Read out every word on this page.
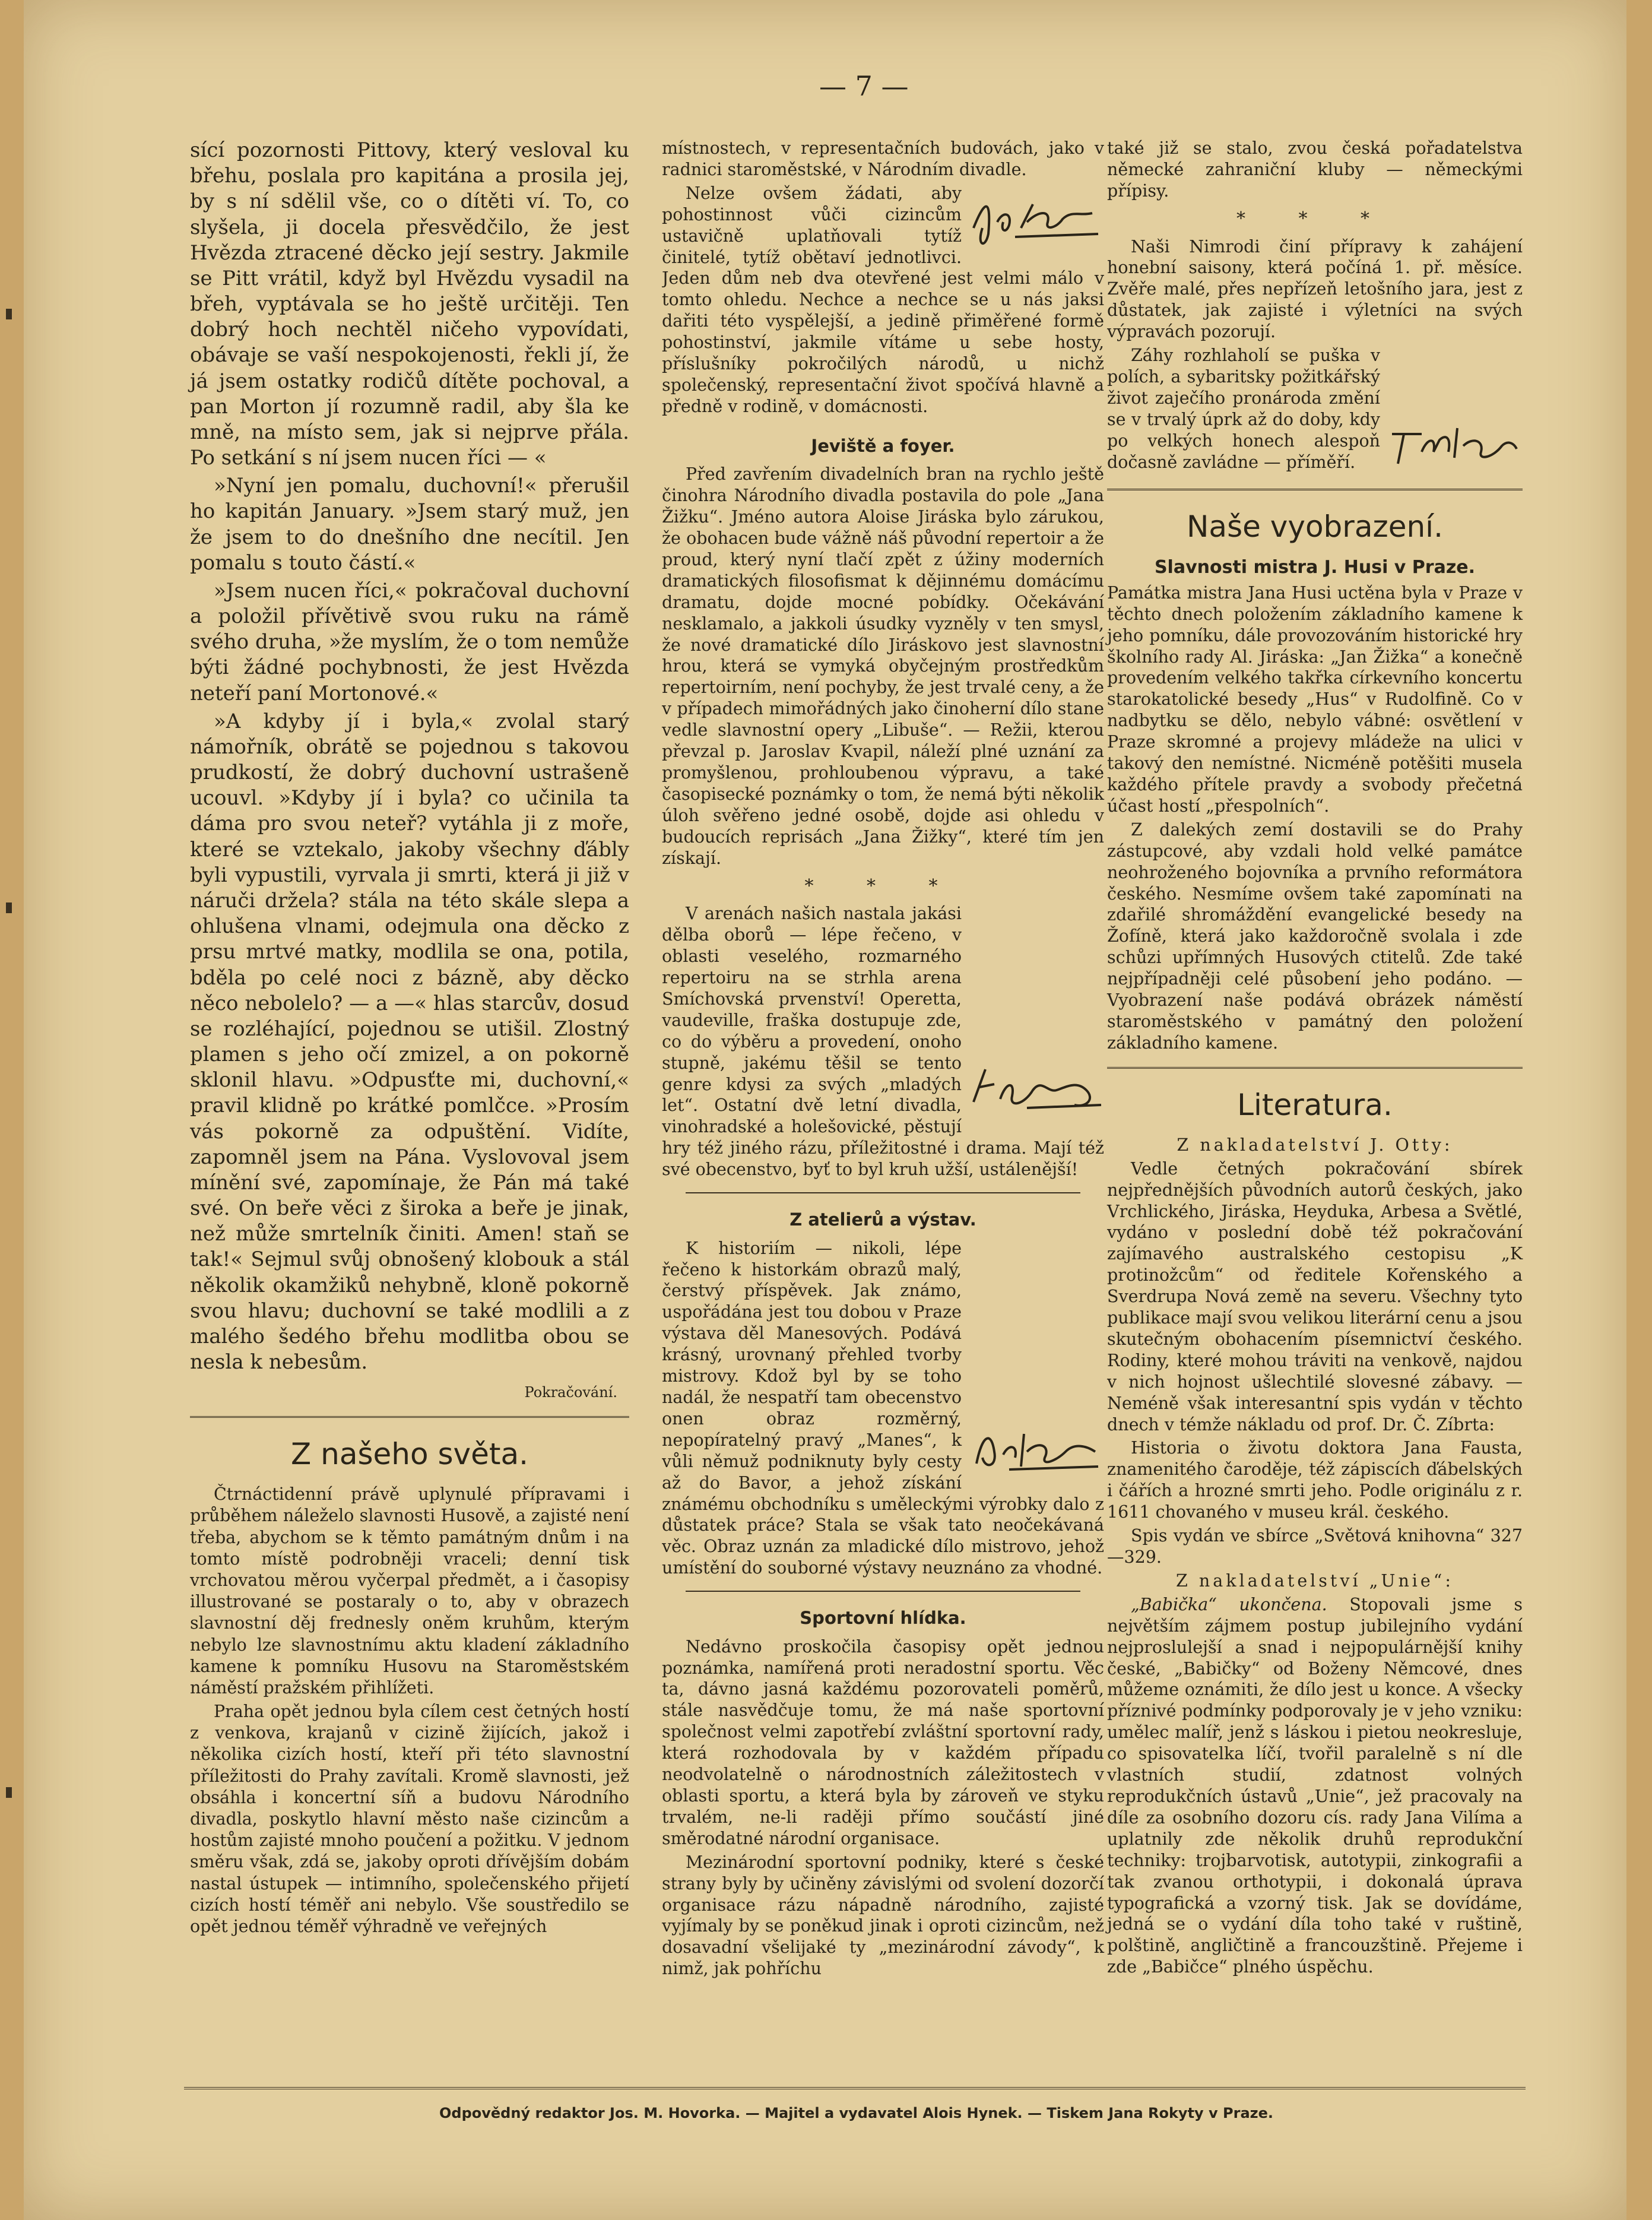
— 7 —

sící pozornosti Pittovy, který vesloval ku břehu, poslala pro kapitána a prosila jej, by s ní sdělil vše, co o dítěti ví. To, co slyšela, ji docela přesvědčilo, že jest Hvězda ztracené děcko její sestry. Jakmile se Pitt vrátil, když byl Hvězdu vysadil na břeh, vyptávala se ho ještě určitěji. Ten dobrý hoch nechtěl ničeho vypovídati, obávaje se vaší nespokojenosti, řekli jí, že já jsem ostatky rodičů dítěte pochoval, a pan Morton jí rozumně radil, aby šla ke mně, na místo sem, jak si nejprve přála. Po setkání s ní jsem nucen říci — «

»Nyní jen pomalu, duchovní!« přerušil ho kapitán January. »Jsem starý muž, jen že jsem to do dnešního dne necítil. Jen pomalu s touto částí.«

»Jsem nucen říci,« pokračoval duchovní a položil přívětivě svou ruku na rámě svého druha, »že myslím, že o tom nemůže býti žádné pochybnosti, že jest Hvězda neteří paní Mortonové.«

»A kdyby jí i byla,« zvolal starý námořník, obrátě se pojednou s takovou prudkostí, že dobrý duchovní ustrašeně ucouvl. »Kdyby jí i byla? co učinila ta dáma pro svou neteř? vytáhla ji z moře, které se vztekalo, jakoby všechny ďábly byli vypustili, vyrvala ji smrti, která ji již v náruči držela? stála na této skále slepa a ohlušena vlnami, odejmula ona děcko z prsu mrtvé matky, modlila se ona, potila, bděla po celé noci z bázně, aby děcko něco nebolelo? — a —« hlas starcův, dosud se rozléhající, pojednou se utišil. Zlostný plamen s jeho očí zmizel, a on pokorně sklonil hlavu. »Odpusťte mi, duchovní,« pravil klidně po krátké pomlčce. »Prosím vás pokorně za odpuštění. Vidíte, zapomněl jsem na Pána. Vyslovoval jsem mínění své, zapomínaje, že Pán má také své. On beře věci z široka a beře je jinak, než může smrtelník činiti. Amen! staň se tak!« Sejmul svůj obnošený klobouk a stál několik okamžiků nehybně, kloně pokorně svou hlavu; duchovní se také modlili a z malého šedého břehu modlitba obou se nesla k nebesům.

Pokračování.
Z našeho světa.

Čtrnáctidenní právě uplynulé přípravami i průběhem náleželo slavnosti Husově, a zajisté není třeba, abychom se k těmto památným dnům i na tomto místě podrobněji vraceli; denní tisk vrchovatou měrou vyčerpal předmět, a i časopisy illustrované se postaraly o to, aby v obrazech slavnostní děj frednesly oněm kruhům, kterým nebylo lze slavnostnímu aktu kladení základního kamene k pomníku Husovu na Staroměstském náměstí pražském přihlížeti.

Praha opět jednou byla cílem cest četných hostí z venkova, krajanů v cizině žijících, jakož i několika cizích hostí, kteří při této slavnostní příležitosti do Prahy zavítali. Kromě slavnosti, jež obsáhla i koncertní síň a budovu Národního divadla, poskytlo hlavní město naše cizincům a hostům zajisté mnoho poučení a požitku. V jednom směru však, zdá se, jakoby oproti dřívějším dobám nastal ústupek — intimního, společenského přijetí cizích hostí téměř ani nebylo. Vše soustředilo se opět jednou téměř výhradně ve veřejných

místnostech, v representačních budovách, jako v radnici staroměstské, v Národním divadle.

Nelze ovšem žádati, aby pohostinnost vůči cizincům ustavičně uplatňovali tytíž činitelé, tytíž obětaví jednotlivci. Jeden dům neb dva otevřené jest velmi málo v tomto ohledu. Nechce a nechce se u nás jaksi dařiti této vyspělejší, a jedině přiměřené formě pohostinství, jakmile vítáme u sebe hosty, příslušníky pokročilých národů, u nichž společenský, representační život spočívá hlavně a předně v rodině, v domácnosti.

Jeviště a foyer.

Před zavřením divadelních bran na rychlo ještě činohra Národního divadla postavila do pole „Jana Žižku“. Jméno autora Aloise Jiráska bylo zárukou, že obohacen bude vážně náš původní repertoir a že proud, který nyní tlačí zpět z úžiny moderních dramatických filosofismat k dějinnému domácímu dramatu, dojde mocné pobídky. Očekávání nesklamalo, a jakkoli úsudky vyzněly v ten smysl, že nové dramatické dílo Jiráskovo jest slavnostní hrou, která se vymyká obyčejným prostředkům repertoirním, není pochyby, že jest trvalé ceny, a že v případech mimořádných jako činoherní dílo stane vedle slavnostní opery „Libuše“. — Režii, kterou převzal p. Jaroslav Kvapil, náleží plné uznání za promyšlenou, prohloubenou výpravu, a také časopisecké poznámky o tom, že nemá býti několik úloh svěřeno jedné osobě, dojde asi ohledu v budoucích reprisách „Jana Žižky“, které tím jen získají.

* * *

V arenách našich nastala jakási dělba oborů — lépe řečeno, v oblasti veselého, rozmarného repertoiru na se strhla arena Smíchovská prvenství! Operetta, vaudeville, fraška dostupuje zde, co do výběru a provedení, onoho stupně, jakému těšil se tento genre kdysi za svých „mladých let“. Ostatní dvě letní divadla, vinohradské a holešovické, pěstují hry též jiného rázu, příležitostné i drama. Mají též své obecenstvo, byť to byl kruh užší, ustálenější!

Z atelierů a výstav.

K historiím — nikoli, lépe řečeno k historkám obrazů malý, čerstvý příspěvek. Jak známo, uspořádána jest tou dobou v Praze výstava děl Manesových. Podává krásný, urovnaný přehled tvorby mistrovy. Kdož byl by se toho nadál, že nespatří tam obecenstvo onen obraz rozměrný, nepopíratelný pravý „Manes“, k vůli němuž podniknuty byly cesty až do Bavor, a jehož získání známému obchodníku s uměleckými výrobky dalo z důstatek práce? Stala se však tato neočekávaná věc. Obraz uznán za mladické dílo mistrovo, jehož umístění do souborné výstavy neuznáno za vhodné.

Sportovní hlídka.

Nedávno proskočila časopisy opět jednou poznámka, namířená proti neradostní sportu. Věc ta, dávno jasná každému pozorovateli poměrů, stále nasvědčuje tomu, že má naše sportovní společnost velmi zapotřebí zvláštní sportovní rady, která rozhodovala by v každém případu neodvolatelně o národnostních záležitostech v oblasti sportu, a která byla by zároveň ve styku trvalém, ne-li raději přímo součástí jiné směrodatné národní organisace.

Mezinárodní sportovní podniky, které s české strany byly by učiněny závislými od svolení dozorčí organisace rázu nápadně národního, zajisté vyjímaly by se poněkud jinak i oproti cizincům, než dosavadní všelijaké ty „mezinárodní závody“, k nimž, jak pohříchu

také již se stalo, zvou česká pořadatelstva německé zahraniční kluby — německými přípisy.

* * *

Naši Nimrodi činí přípravy k zahájení honební saisony, která počíná 1. př. měsíce. Zvěře malé, přes nepřízeň letošního jara, jest z důstatek, jak zajisté i výletníci na svých výpravách pozorují.

Záhy rozhlaholí se puška v polích, a sybaritsky požitkářský život zaječího pronároda změní se v trvalý úprk až do doby, kdy po velkých honech alespoň dočasně zavládne — příměří.

Naše vyobrazení.
Slavnosti mistra J. Husi v Praze.

Památka mistra Jana Husi uctěna byla v Praze v těchto dnech položením základního kamene k jeho pomníku, dále provozováním historické hry školního rady Al. Jiráska: „Jan Žižka“ a konečně provedením velkého takřka církevního koncertu starokatolické besedy „Hus“ v Rudolfině. Co v nadbytku se dělo, nebylo vábné: osvětlení v Praze skromné a projevy mládeže na ulici v takový den nemístné. Nicméně potěšiti musela každého přítele pravdy a svobody přečetná účast hostí „přespolních“.

Z dalekých zemí dostavili se do Prahy zástupcové, aby vzdali hold velké památce neohroženého bojovníka a prvního reformátora českého. Nesmíme ovšem také zapomínati na zdařilé shromáždění evangelické besedy na Žofíně, která jako každoročně svolala i zde schůzi upřímných Husových ctitelů. Zde také nejpřípadněji celé působení jeho podáno. — Vyobrazení naše podává obrázek náměstí staroměstského v památný den položení základního kamene.

Literatura.

Z nakladatelství J. Otty:

Vedle četných pokračování sbírek nejpřednějších původních autorů českých, jako Vrchlického, Jiráska, Heyduka, Arbesa a Světlé, vydáno v poslední době též pokračování zajímavého australského cestopisu „K protinožcům“ od ředitele Kořenského a Sverdrupa Nová země na severu. Všechny tyto publikace mají svou velikou literární cenu a jsou skutečným obohacením písemnictví českého. Rodiny, které mohou tráviti na venkově, najdou v nich hojnost ušlechtilé slovesné zábavy. — Neméně však interesantní spis vydán v těchto dnech v témže nákladu od prof. Dr. Č. Zíbrta:

Historia o životu doktora Jana Fausta, znamenitého čaroděje, též zápiscích ďábelských i čářích a hrozné smrti jeho. Podle originálu z r. 1611 chovaného v museu král. českého.

Spis vydán ve sbírce „Světová knihovna“ 327—329.

Z nakladatelství „Unie“:

„Babička“ ukončena. Stopovali jsme s největším zájmem postup jubilejního vydání nejproslulejší a snad i nejpopulárnější knihy české, „Babičky“ od Boženy Němcové, dnes můžeme oznámiti, že dílo jest u konce. A všecky příznivé podmínky podporovaly je v jeho vzniku: umělec malíř, jenž s láskou i pietou neokresluje, co spisovatelka líčí, tvořil paralelně s ní dle vlastních studií, zdatnost volných reprodukčních ústavů „Unie“, jež pracovaly na díle za osobního dozoru cís. rady Jana Vilíma a uplatnily zde několik druhů reprodukční techniky: trojbarvotisk, autotypii, zinkografii a tak zvanou orthotypii, i dokonalá úprava typografická a vzorný tisk. Jak se dovídáme, jedná se o vydání díla toho také v ruštině, polštině, angličtině a francouzštině. Přejeme i zde „Babičce“ plného úspěchu.

Odpovědný redaktor Jos. M. Hovorka. — Majitel a vydavatel Alois Hynek. — Tiskem Jana Rokyty v Praze.
